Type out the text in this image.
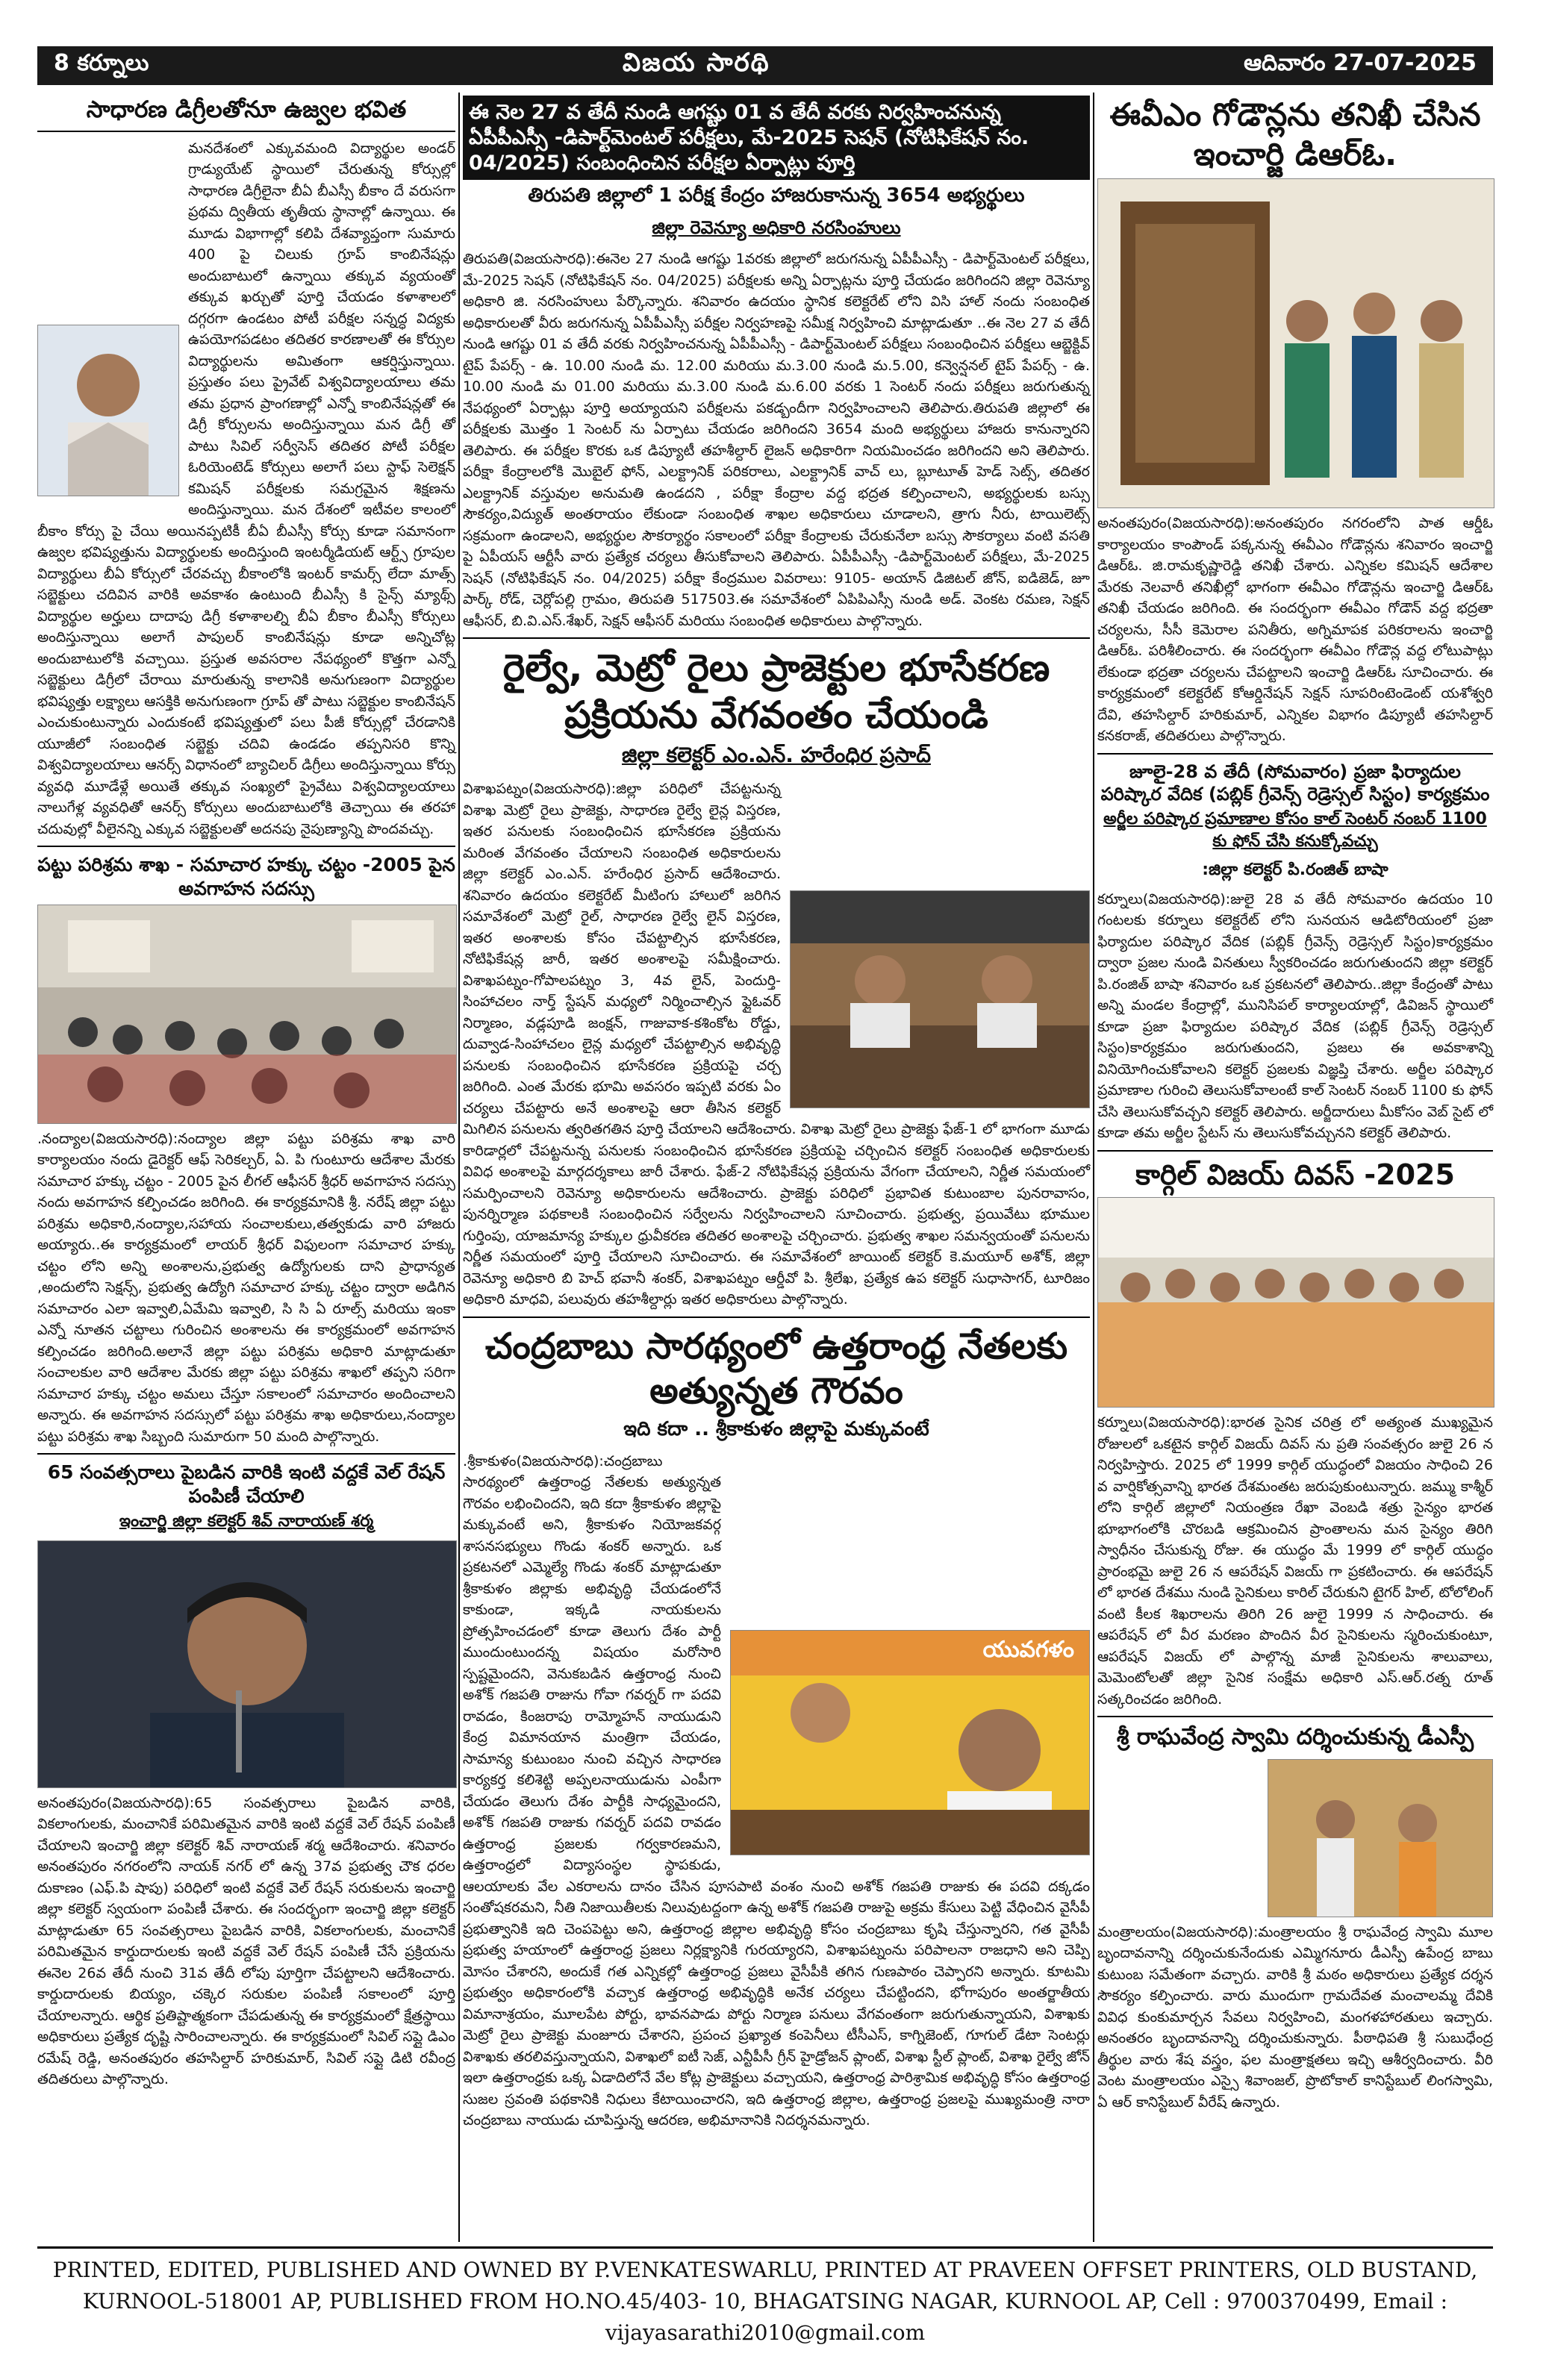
8 కర్నూలు	విజయ సారథి	ఆదివారం 27-07-2025
సాధారణ డిగ్రీలతోనూ ఉజ్వల భవిత
మనదేశంలో ఎక్కువమంది విద్యార్థుల అండర్ గ్రాడ్యుయేట్ స్థాయిలో చేరుతున్న కోర్సుల్లో సాధారణ డిగ్రీలైనా బీఏ బీఎస్సీ బీకాం దే వరుసగా ప్రథమ ద్వితీయ తృతీయ స్థానాల్లో ఉన్నాయి. ఈ మూడు విభాగాల్లో కలిపి దేశవ్యాప్తంగా సుమారు 400 పై చిలుకు గ్రూప్ కాంబినేషన్లు అందుబాటులో ఉన్నాయి తక్కువ వ్యయంతో తక్కువ ఖర్చుతో పూర్తి చేయడం కళాశాలలో దగ్గరగా ఉండటం పోటీ పరీక్షల సన్నద్ధ విద్యకు ఉపయోగపడటం తదితర కారణాలతో ఈ కోర్సుల విద్యార్థులను అమితంగా ఆకర్షిస్తున్నాయి. ప్రస్తుతం పలు ప్రైవేట్ విశ్వవిద్యాలయాలు తమ తమ ప్రధాన ప్రాంగణాల్లో ఎన్నో కాంబినేషన్లతో ఈ డిగ్రీ కోర్సులను అందిస్తున్నాయి మన డిగ్రీ తో పాటు సివిల్ సర్వీసెస్ తదితర పోటీ పరీక్షల ఓరియెంటెడ్ కోర్సులు అలాగే పలు స్టాఫ్ సెలెక్షన్ కమిషన్ పరీక్షలకు సమగ్రమైన శిక్షణను అందిస్తున్నాయి. మన దేశంలో ఇటీవల కాలంలో బీకాం కోర్సు పై చేయి అయినప్పటికీ బీఏ బీఎస్సీ కోర్సు కూడా సమానంగా ఉజ్వల భవిష్యత్తును విద్యార్థులకు అందిస్తుంది ఇంటర్మీడియట్ ఆర్ట్స్ గ్రూపుల విద్యార్థులు బీఏ కోర్సులో చేరవచ్చు బీకాంలోకి ఇంటర్ కామర్స్ లేదా మాత్స్ సబ్జెక్టులు చదివిన వారికి అవకాశం ఉంటుంది బీఎస్సీ కి సైన్స్ మ్యాథ్స్ విద్యార్థుల అర్హులు దాదాపు డిగ్రీ కళాశాలల్ని బీఏ బీకాం బీఎస్సీ కోర్సులు అందిస్తున్నాయి అలాగే పాపులర్ కాంబినేషన్లు కూడా అన్నిచోట్ల అందుబాటులోకి వచ్చాయి. ప్రస్తుత అవసరాల నేపథ్యంలో కొత్తగా ఎన్నో సబ్జెక్టులు డిగ్రీలో చేరాయి మారుతున్న కాలానికి అనుగుణంగా విద్యార్థుల భవిష్యత్తు లక్ష్యాలు ఆసక్తికి అనుగుణంగా గ్రూప్ తో పాటు సబ్జెక్టుల కాంబినేషన్ ఎంచుకుంటున్నారు ఎందుకంటే భవిష్యత్తులో పలు పీజీ కోర్సుల్లో చేరడానికి యూజీలో సంబంధిత సబ్జెక్టు చదివి ఉండడం తప్పనిసరి కొన్ని విశ్వవిద్యాలయాలు ఆనర్స్ విధానంలో బ్యాచిలర్ డిగ్రీలు అందిస్తున్నాయి కోర్సు వ్యవధి మూడేళ్లే అయితే తక్కువ సంఖ్యలో ప్రైవేటు విశ్వవిద్యాలయాలు నాలుగేళ్ల వ్యవధితో ఆనర్స్ కోర్సులు అందుబాటులోకి తెచ్చాయి ఈ తరహా చదువుల్లో వీలైనన్ని ఎక్కువ సబ్జెక్టులతో అదనపు నైపుణ్యాన్ని పొందవచ్చు.
పట్టు పరిశ్రమ శాఖ - సమాచార హక్కు చట్టం -2005 పైన అవగాహన సదస్సు
.నంద్యాల(విజయసారధి):నంద్యాల జిల్లా పట్టు పరిశ్రమ శాఖ వారి కార్యాలయం నందు డైరెక్టర్ ఆఫ్ సెరికల్చర్, ఏ. పి గుంటూరు ఆదేశాల మేరకు సమాచార హక్కు చట్టం - 2005 పైన లీగల్ ఆఫీసర్ శ్రీధర్ అవగాహన సదస్సు నందు అవగాహన కల్పించడం జరిగింది. ఈ కార్యక్రమానికి శ్రీ. నరేష్ జిల్లా పట్టు పరిశ్రమ అధికారి,నంద్యాల,సహాయ సంచాలకులు,తత్వకుడు వారి హాజరు అయ్యారు..ఈ కార్యక్రమంలో లాయర్ శ్రీధర్ విఫులంగా సమాచార హక్కు చట్టం లోని అన్ని అంశాలను,ప్రభుత్వ ఉద్యోగులకు దాని ప్రాధాన్యత ,అందులోని సెక్షన్స్, ప్రభుత్వ ఉద్యోగి సమాచార హక్కు చట్టం ద్వారా అడిగిన సమాచారం ఎలా ఇవ్వాలి,ఏమేమి ఇవ్వాలి, సి సి ఏ రూల్స్ మరియు ఇంకా ఎన్నో నూతన చట్టాలు గురించిన అంశాలను ఈ కార్యక్రమంలో అవగాహన కల్పించడం జరిగింది.అలానే జిల్లా పట్టు పరిశ్రమ అధికారి మాట్లాడుతూ సంచాలకుల వారి ఆదేశాల మేరకు జిల్లా పట్టు పరిశ్రమ శాఖలో తప్పని సరిగా సమాచార హక్కు చట్టం అమలు చేస్తూ సకాలంలో సమాచారం అందించాలని అన్నారు. ఈ అవగాహన సదస్సులో పట్టు పరిశ్రమ శాఖ అధికారులు,నంద్యాల పట్టు పరిశ్రమ శాఖ సిబ్బంది సుమారుగా 50 మంది పాల్గొన్నారు.
65 సంవత్సరాలు పైబడిన వారికి ఇంటి వద్దకే వెల్ రేషన్ పంపిణీ చేయాలి
ఇంచార్జి జిల్లా కలెక్టర్ శివ్ నారాయణ్ శర్మ
అనంతపురం(విజయసారధి):65 సంవత్సరాలు పైబడిన వారికి, వికలాంగులకు, మంచానికే పరిమితమైన వారికి ఇంటి వద్దకే వెల్ రేషన్ పంపిణీ చేయాలని ఇంచార్జి జిల్లా కలెక్టర్ శివ్ నారాయణ్ శర్మ ఆదేశించారు. శనివారం అనంతపురం నగరంలోని నాయక్ నగర్ లో ఉన్న 37వ ప్రభుత్వ చౌక ధరల దుకాణం (ఎఫ్.పి షాపు) పరిధిలో ఇంటి వద్దకే వెల్ రేషన్ సరుకులను ఇంచార్జి జిల్లా కలెక్టర్ స్వయంగా పంపిణీ చేశారు. ఈ సందర్భంగా ఇంచార్జి జిల్లా కలెక్టర్ మాట్లాడుతూ 65 సంవత్సరాలు పైబడిన వారికి, వికలాంగులకు, మంచానికే పరిమితమైన కార్డుదారులకు ఇంటి వద్దకే వెల్ రేషన్ పంపిణీ చేసే ప్రక్రియను ఈనెల 26వ తేదీ నుంచి 31వ తేదీ లోపు పూర్తిగా చేపట్టాలని ఆదేశించారు. కార్డుదారులకు బియ్యం, చక్కెర సరుకుల పంపిణీ సకాలంలో పూర్తి చేయాలన్నారు. ఆర్థిక ప్రతిష్టాత్మకంగా చేపడుతున్న ఈ కార్యక్రమంలో క్షేత్రస్థాయి అధికారులు ప్రత్యేక దృష్టి సారించాలన్నారు. ఈ కార్యక్రమంలో సివిల్ సప్లై డిఎం రమేష్ రెడ్డి, అనంతపురం తహసిల్దార్ హరికుమార్, సివిల్ సప్లై డిటి రవీంద్ర తదితరులు పాల్గొన్నారు.
ఈ నెల 27 వ తేదీ నుండి ఆగష్టు 01 వ తేదీ వరకు నిర్వహించనున్న ఏపీపీఎస్సీ -డిపార్ట్‌మెంటల్ పరీక్షలు, మే-2025 సెషన్ (నోటిఫికేషన్ నం. 04/2025) సంబంధించిన పరీక్షల ఏర్పాట్లు పూర్తి
తిరుపతి జిల్లాలో 1 పరీక్ష కేంద్రం హాజరుకానున్న 3654 అభ్యర్థులు
జిల్లా రెవెన్యూ అధికారి నరసింహులు
తిరుపతి(విజయసారధి):ఈనెల 27 నుండి ఆగష్టు 1వరకు జిల్లాలో జరుగనున్న ఏపీపీఎస్సీ - డిపార్ట్‌మెంటల్ పరీక్షలు, మే-2025 సెషన్ (నోటిఫికేషన్ నం. 04/2025) పరీక్షలకు అన్ని ఏర్పాట్లను పూర్తి చేయడం జరిగిందని జిల్లా రెవెన్యూ అధికారి జి. నరసింహులు పేర్కొన్నారు. శనివారం ఉదయం స్థానిక కలెక్టరేట్ లోని విసి హాల్ నందు సంబంధిత అధికారులతో వీరు జరుగనున్న ఏపీపీఎస్సీ పరీక్షల నిర్వహణపై సమీక్ష నిర్వహించి మాట్లాడుతూ ..ఈ నెల 27 వ తేదీ నుండి ఆగష్టు 01 వ తేదీ వరకు నిర్వహించనున్న ఏపీపీఎస్సీ - డిపార్ట్‌మెంటల్ పరీక్షలు సంబంధించిన పరీక్షలు ఆబ్జెక్టివ్ టైప్ పేపర్స్ - ఉ. 10.00 నుండి మ. 12.00 మరియు మ.3.00 నుండి మ.5.00, కన్వెన్షనల్ టైప్ పేపర్స్ - ఉ. 10.00 నుండి మ 01.00 మరియు మ.3.00 నుండి మ.6.00 వరకు 1 సెంటర్ నందు పరీక్షలు జరుగుతున్న నేపథ్యంలో ఏర్పాట్లు పూర్తి అయ్యాయని పరీక్షలను పకడ్బందీగా నిర్వహించాలని తెలిపారు.తిరుపతి జిల్లాలో ఈ పరీక్షలకు మొత్తం 1 సెంటర్ ను ఏర్పాటు చేయడం జరిగిందని 3654 మంది అభ్యర్థులు హాజరు కానున్నారని తెలిపారు. ఈ పరీక్షల కొరకు ఒక డిప్యూటీ తహశీల్దార్ లైజన్ అధికారిగా నియమించడం జరిగిందని అని తెలిపారు. పరీక్షా కేంద్రాలలోకి మొబైల్ ఫోన్, ఎలక్ట్రానిక్ పరికరాలు, ఎలక్ట్రానిక్ వాచ్ లు, బ్లూటూత్ హెడ్ సెట్స్, తదితర ఎలక్ట్రానిక్ వస్తువుల అనుమతి ఉండదని , పరీక్షా కేంద్రాల వద్ద భద్రత కల్పించాలని, అభ్యర్థులకు బస్సు సౌకర్యం,విద్యుత్ అంతరాయం లేకుండా సంబంధిత శాఖల అధికారులు చూడాలని, త్రాగు నీరు, టాయిలెట్స్ సక్రమంగా ఉండాలని, అభ్యర్థుల సౌకర్యార్థం సకాలంలో పరీక్షా కేంద్రాలకు చేరుకునేలా బస్సు సౌకర్యాలు వంటి వసతి పై ఏపీయస్ ఆర్టీసీ వారు ప్రత్యేక చర్యలు తీసుకోవాలని తెలిపారు. ఏపీపీఎస్సీ -డిపార్ట్‌మెంటల్ పరీక్షలు, మే-2025 సెషన్ (నోటిఫికేషన్ నం. 04/2025) పరీక్షా కేంద్రముల వివరాలు: 9105- అయాన్ డిజిటల్ జోన్, ఐడిజెడ్, జూ పార్క్ రోడ్, చెర్లోపల్లి గ్రామం, తిరుపతి 517503.ఈ సమావేశంలో ఏపిపిఎస్సీ నుండి అడ్. వెంకట రమణ, సెక్షన్ ఆఫీసర్, బి.వి.ఎస్.శేఖర్, సెక్షన్ ఆఫీసర్ మరియు సంబంధిత అధికారులు పాల్గొన్నారు.
రైల్వే, మెట్రో రైలు ప్రాజెక్టుల భూసేకరణ ప్రక్రియను వేగవంతం చేయండి
జిల్లా కలెక్టర్ ఎం.ఎన్. హరేంధిర ప్రసాద్
విశాఖపట్నం(విజయసారధి):జిల్లా పరిధిలో చేపట్టనున్న విశాఖ మెట్రో రైలు ప్రాజెక్టు, సాధారణ రైల్వే లైన్ల విస్తరణ, ఇతర పనులకు సంబంధించిన భూసేకరణ ప్రక్రియను మరింత వేగవంతం చేయాలని సంబంధిత అధికారులను జిల్లా కలెక్టర్ ఎం.ఎన్. హరేంధిర ప్రసాద్ ఆదేశించారు. శనివారం ఉదయం కలెక్టరేట్ మీటింగు హాలులో జరిగిన సమావేశంలో మెట్రో రైల్, సాధారణ రైల్వే లైన్ విస్తరణ, ఇతర అంశాలకు కోసం చేపట్టాల్సిన భూసేకరణ, నోటిఫికేషన్ల జారీ, ఇతర అంశాలపై సమీక్షించారు. విశాఖపట్నం-గోపాలపట్నం 3, 4వ లైన్, పెందుర్తి-సింహాచలం నార్త్ స్టేషన్ మధ్యలో నిర్మించాల్సిన ఫ్లైఓవర్ నిర్మాణం, వడ్లపూడి జంక్షన్, గాజువాక-కశింకోట రోడ్డు, దువ్వాడ-సింహాచలం లైన్ల మధ్యలో చేపట్టాల్సిన అభివృద్ధి పనులకు సంబంధించిన భూసేకరణ ప్రక్రియపై చర్చ జరిగింది. ఎంత మేరకు భూమి అవసరం ఇప్పటి వరకు ఏం చర్యలు చేపట్టారు అనే అంశాలపై ఆరా తీసిన కలెక్టర్ మిగిలిన పనులను త్వరితగతిన పూర్తి చేయాలని ఆదేశించారు. విశాఖ మెట్రో రైలు ప్రాజెక్టు ఫేజ్-1 లో భాగంగా మూడు కారిడార్లలో చేపట్టనున్న పనులకు సంబంధించిన భూసేకరణ ప్రక్రియపై చర్చించిన కలెక్టర్ సంబంధిత అధికారులకు వివిధ అంశాలపై మార్గదర్శకాలు జారీ చేశారు. ఫేజ్-2 నోటిఫికేషన్ల ప్రక్రియను వేగంగా చేయాలని, నిర్ణీత సమయంలో సమర్పించాలని రెవెన్యూ అధికారులను ఆదేశించారు. ప్రాజెక్టు పరిధిలో ప్రభావిత కుటుంబాల పునరావాసం, పునర్నిర్మాణ పథకాలకి సంబంధించిన సర్వేలను నిర్వహించాలని సూచించారు. ప్రభుత్వ, ప్రయివేటు భూముల గుర్తింపు, యాజమాన్య హక్కుల ధ్రువీకరణ తదితర అంశాలపై చర్చించారు. ప్రభుత్వ శాఖల సమన్వయంతో పనులను నిర్ణీత సమయంలో పూర్తి చేయాలని సూచించారు. ఈ సమావేశంలో జాయింట్ కలెక్టర్ కె.మయూర్ అశోక్, జిల్లా రెవెన్యూ అధికారి బి హెచ్ భవానీ శంకర్, విశాఖపట్నం ఆర్డీవో పి. శ్రీలేఖ, ప్రత్యేక ఉప కలెక్టర్ సుధాసాగర్, టూరిజం అధికారి మాధవి, పలువురు తహశీల్దార్లు ఇతర అధికారులు పాల్గొన్నారు.
చంద్రబాబు సారథ్యంలో ఉత్తరాంధ్ర నేతలకు అత్యున్నత గౌరవం
ఇది కదా .. శ్రీకాకుళం జిల్లాపై మక్కువంటే
యువగళం
.శ్రీకాకుళం(విజయసారధి):చంద్రబాబు సారథ్యంలో ఉత్తరాంధ్ర నేతలకు అత్యున్నత గౌరవం లభించిందని, ఇది కదా శ్రీకాకుళం జిల్లాపై మక్కువంటే అని, శ్రీకాకుళం నియోజకవర్గ శాసనసభ్యులు గొండు శంకర్ అన్నారు. ఒక ప్రకటనలో ఎమ్మెల్యే గొండు శంకర్ మాట్లాడుతూ శ్రీకాకుళం జిల్లాకు అభివృద్ధి చేయడంలోనే కాకుండా, ఇక్కడి నాయకులను ప్రోత్సహించడంలో కూడా తెలుగు దేశం పార్టీ ముందుంటుందన్న విషయం మరోసారి స్పష్టమైందని, వెనుకబడిన ఉత్తరాంధ్ర నుంచి అశోక్ గజపతి రాజును గోవా గవర్నర్ గా పదవి రావడం, కింజరాపు రామ్మోహన్ నాయుడుని కేంద్ర విమానయాన మంత్రిగా చేయడం, సామాన్య కుటుంబం నుంచి వచ్చిన సాధారణ కార్యకర్త కలిశెట్టి అప్పలనాయుడును ఎంపీగా చేయడం తెలుగు దేశం పార్టీకి సాధ్యమైందని, అశోక్ గజపతి రాజుకు గవర్నర్ పదవి రావడం ఉత్తరాంధ్ర ప్రజలకు గర్వకారణమని, ఉత్తరాంధ్రలో విద్యాసంస్థల స్థాపకుడు, ఆలయాలకు వేల ఎకరాలను దానం చేసిన పూసపాటి వంశం నుంచి అశోక్ గజపతి రాజుకు ఈ పదవి దక్కడం సంతోషకరమని, నీతి నిజాయితీలకు నిలువుటద్దంగా ఉన్న అశోక్ గజపతి రాజుపై అక్రమ కేసులు పెట్టి వేధించిన వైసీపీ ప్రభుత్వానికి ఇది చెంపపెట్టు అని, ఉత్తరాంధ్ర జిల్లాల అభివృద్ధి కోసం చంద్రబాబు కృషి చేస్తున్నారని, గత వైసీపీ ప్రభుత్వ హయాంలో ఉత్తరాంధ్ర ప్రజలు నిర్లక్ష్యానికి గురయ్యారని, విశాఖపట్నంను పరిపాలనా రాజధాని అని చెప్పి మోసం చేశారని, అందుకే గత ఎన్నికల్లో ఉత్తరాంధ్ర ప్రజలు వైసీపీకి తగిన గుణపాఠం చెప్పారని అన్నారు. కూటమి ప్రభుత్వం అధికారంలోకి వచ్చాక ఉత్తరాంధ్ర అభివృద్ధికి అనేక చర్యలు చేపట్టిందని, భోగాపురం అంతర్జాతీయ విమానాశ్రయం, మూలపేట పోర్టు, భావనపాడు పోర్టు నిర్మాణ పనులు వేగవంతంగా జరుగుతున్నాయని, విశాఖకు మెట్రో రైలు ప్రాజెక్టు మంజూరు చేశారని, ప్రపంచ ప్రఖ్యాత కంపెనీలు టీసీఎస్, కాగ్నిజెంట్, గూగుల్ డేటా సెంటర్లు విశాఖకు తరలివస్తున్నాయని, విశాఖలో ఐటీ సెజ్, ఎన్టీపీసీ గ్రీన్ హైడ్రోజన్ ప్లాంట్, విశాఖ స్టీల్ ప్లాంట్, విశాఖ రైల్వే జోన్ ఇలా ఉత్తరాంధ్రకు ఒక్క ఏడాదిలోనే వేల కోట్ల ప్రాజెక్టులు వచ్చాయని, ఉత్తరాంధ్ర పారిశ్రామిక అభివృద్ధి కోసం ఉత్తరాంధ్ర సుజల స్రవంతి పథకానికి నిధులు కేటాయించారని, ఇది ఉత్తరాంధ్ర జిల్లాల, ఉత్తరాంధ్ర ప్రజలపై ముఖ్యమంత్రి నారా చంద్రబాబు నాయుడు చూపిస్తున్న ఆదరణ, అభిమానానికి నిదర్శనమన్నారు.
ఈవీఎం గోడౌన్లను తనిఖీ చేసిన ఇంచార్జి డిఆర్ఓ.
అనంతపురం(విజయసారధి):అనంతపురం నగరంలోని పాత ఆర్డీఓ కార్యాలయం కాంపౌండ్ పక్కనున్న ఈవీఎం గోడౌన్లను శనివారం ఇంచార్జి డిఆర్ఓ. జి.రామకృష్ణారెడ్డి తనిఖీ చేశారు. ఎన్నికల కమిషన్ ఆదేశాల మేరకు నెలవారీ తనిఖీల్లో భాగంగా ఈవీఎం గోడౌన్లను ఇంచార్జి డిఆర్ఓ తనిఖీ చేయడం జరిగింది. ఈ సందర్భంగా ఈవీఎం గోడౌన్ వద్ద భద్రతా చర్యలను, సీసీ కెమెరాల పనితీరు, అగ్నిమాపక పరికరాలను ఇంచార్జి డిఆర్ఓ. పరిశీలించారు. ఈ సందర్భంగా ఈవీఎం గోడౌన్ల వద్ద లోటుపాట్లు లేకుండా భద్రతా చర్యలను చేపట్టాలని ఇంచార్జి డిఆర్ఓ సూచించారు. ఈ కార్యక్రమంలో కలెక్టరేట్ కోఆర్డినేషన్ సెక్షన్ సూపరింటెండెంట్ యశోశ్వరి దేవి, తహసిల్దార్ హరికుమార్, ఎన్నికల విభాగం డిప్యూటీ తహసిల్దార్ కనకరాజ్, తదితరులు పాల్గొన్నారు.
జూలై-28 వ తేదీ (సోమవారం) ప్రజా ఫిర్యాదుల పరిష్కార వేదిక (పబ్లిక్ గ్రీవెన్స్ రెడ్రెస్సల్ సిస్టం) కార్యక్రమం
అర్జీల పరిష్కార ప్రమాణాల కోసం కాల్ సెంటర్ నంబర్ 1100 కు ఫోన్ చేసి కనుక్కోవచ్చు
:జిల్లా కలెక్టర్ పి.రంజిత్ బాషా
కర్నూలు(విజయసారధి):జులై 28 వ తేదీ సోమవారం ఉదయం 10 గంటలకు కర్నూలు కలెక్టరేట్ లోని సునయన ఆడిటోరియంలో ప్రజా ఫిర్యాదుల పరిష్కార వేదిక (పబ్లిక్ గ్రీవెన్స్ రెడ్రెస్సల్ సిస్టం)కార్యక్రమం ద్వారా ప్రజల నుండి వినతులు స్వీకరించడం జరుగుతుందని జిల్లా కలెక్టర్ పి.రంజిత్ బాషా శనివారం ఒక ప్రకటనలో తెలిపారు..జిల్లా కేంద్రంతో పాటు అన్ని మండల కేంద్రాల్లో, మునిసిపల్ కార్యాలయాల్లో, డివిజన్ స్థాయిలో కూడా ప్రజా ఫిర్యాదుల పరిష్కార వేదిక (పబ్లిక్ గ్రీవెన్స్ రెడ్రెస్సల్ సిస్టం)కార్యక్రమం జరుగుతుందని, ప్రజలు ఈ అవకాశాన్ని వినియోగించుకోవాలని కలెక్టర్ ప్రజలకు విజ్ఞప్తి చేశారు. అర్జీల పరిష్కార ప్రమాణాల గురించి తెలుసుకోవాలంటే కాల్ సెంటర్ నంబర్ 1100 కు ఫోన్ చేసి తెలుసుకోవచ్చని కలెక్టర్ తెలిపారు. అర్జీదారులు మీకోసం వెబ్ సైట్ లో కూడా తమ అర్జీల స్టేటస్ ను తెలుసుకోవచ్చునని కలెక్టర్ తెలిపారు.
కార్గిల్ విజయ్ దివస్ -2025
కర్నూలు(విజయసారధి):భారత సైనిక చరిత్ర లో అత్యంత ముఖ్యమైన రోజులలో ఒకటైన కార్గిల్ విజయ్ దివస్ ను ప్రతి సంవత్సరం జులై 26 న నిర్వహిస్తారు. 2025 లో 1999 కార్గిల్ యుద్ధంలో విజయం సాధించి 26 వ వార్షికోత్సవాన్ని భారత దేశమంతట జరుపుకుంటున్నారు. జమ్ము కాశ్మీర్ లోని కార్గిల్ జిల్లాలో నియంత్రణ రేఖా వెంబడి శత్రు సైన్యం భారత భూభాగంలోకి చొరబడి ఆక్రమించిన ప్రాంతాలను మన సైన్యం తిరిగి స్వాధీనం చేసుకున్న రోజు. ఈ యుద్ధం మే 1999 లో కార్గిల్ యుద్ధం ప్రారంభమై జులై 26 న ఆపరేషన్ విజయ్ గా ప్రకటించారు. ఈ ఆపరేషన్ లో భారత దేశము నుండి సైనికులు కారిల్ చేరుకుని టైగర్ హిల్, టోలోలింగ్ వంటి కీలక శిఖరాలను తిరిగి 26 జులై 1999 న సాధించారు. ఈ ఆపరేషన్ లో వీర మరణం పొందిన వీర సైనికులను స్మరించుకుంటూ, ఆపరేషన్ విజయ్ లో పాల్గొన్న మాజీ సైనికులను శాలువాలు, మెమెంటోలతో జిల్లా సైనిక సంక్షేమ అధికారి ఎస్.ఆర్.రత్న రూత్ సత్కరించడం జరిగింది.
శ్రీ రాఘవేంద్ర స్వామి దర్శించుకున్న డీఎస్పీ
మంత్రాలయం(విజయసారధి):మంత్రాలయం శ్రీ రాఘవేంద్ర స్వామి మూల బృందావనాన్ని దర్శించుకునేందుకు ఎమ్మిగనూరు డీఎస్పీ ఉపేంద్ర బాబు కుటుంబ సమేతంగా వచ్చారు. వారికి శ్రీ మఠం అధికారులు ప్రత్యేక దర్శన సౌకర్యం కల్పించారు. వారు ముందుగా గ్రామదేవత మంచాలమ్మ దేవికి వివిధ కుంకుమార్చన సేవలు నిర్వహించి, మంగళహారతులు ఇచ్చారు. అనంతరం బృందావనాన్ని దర్శించుకున్నారు. పీఠాధిపతి శ్రీ సుబుధేంద్ర తీర్థుల వారు శేష వస్త్రం, ఫల మంత్రాక్షతలు ఇచ్చి ఆశీర్వదించారు. వీరి వెంట మంత్రాలయం ఎస్సై శివాంజల్, ప్రొటోకాల్ కానిస్టేబుల్ లింగస్వామి, ఏ ఆర్ కానిస్టేబుల్ వీరేష్ ఉన్నారు.
PRINTED, EDITED, PUBLISHED AND OWNED BY P.VENKATESWARLU, PRINTED AT PRAVEEN OFFSET PRINTERS, OLD BUSTAND, KURNOOL-518001 AP, PUBLISHED FROM HO.NO.45/403- 10, BHAGATSING NAGAR, KURNOOL AP, Cell : 9700370499, Email : vijayasarathi2010@gmail.com
